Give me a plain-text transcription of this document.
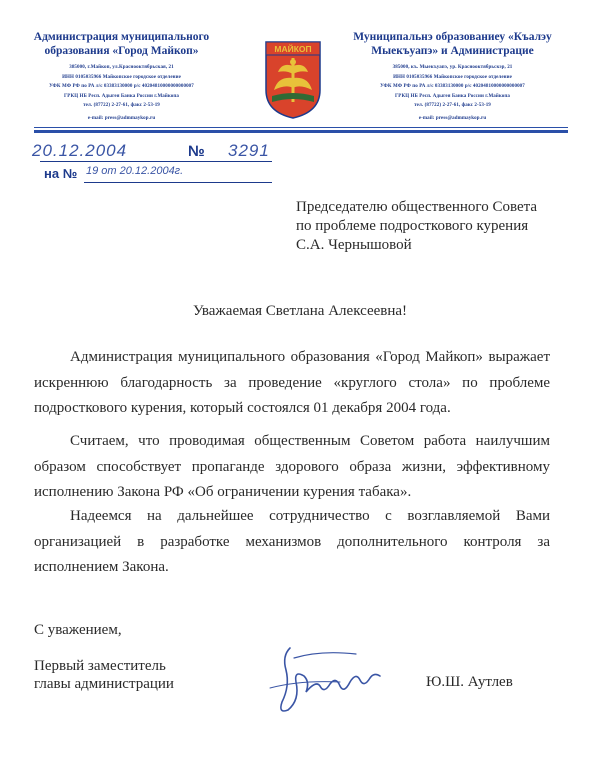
Администрация муниципального
образования «Город Майкоп»
385000, г.Майкоп, ул.Краснооктябрьская, 21
ИНН 0105035966 Майкопское городское отделение
УФК МФ РФ по РА л/с 03383130000 р/с 40204810000000000007
ГРКЦ НБ Респ. Адыгея Банка России г.Майкопа
тел. (87722) 2-27-61, факс 2-53-19
e-mail: press@admmaykop.ru
МАЙКОП
Муниципальнэ образованиеу «Къалэу
Мыекъуапэ» и Администрацие
385000, къ. Мыекъуапэ, ур. Краснооктябрьскэр, 21
ИНН 0105035966 Майкопское городское отделение
УФК МФ РФ по РА л/с 03383130000 р/с 40204810000000000007
ГРКЦ НБ Респ. Адыгея Банка России г.Майкопа
тел. (87722) 2-27-61, факс 2-53-19
e-mail: press@admmaykop.ru
20.12.2004	№ 3291
на № 19 от 20.12.2004г.
Председателю общественного Совета
по проблеме подросткового курения
С.А. Чернышовой
Уважаемая Светлана Алексеевна!
Администрация муниципального образования «Город Майкоп» выражает искреннюю благодарность за проведение «круглого стола» по проблеме подросткового курения, который состоялся 01 декабря 2004 года.
Считаем, что проводимая общественным Советом работа наилучшим образом способствует пропаганде здорового образа жизни, эффективному исполнению Закона РФ «Об ограничении курения табака».
Надеемся на дальнейшее сотрудничество с возглавляемой Вами организацией в разработке механизмов дополнительного контроля за исполнением Закона.
С уважением,
Первый заместитель
главы администрации	Ю.Ш. Аутлев
